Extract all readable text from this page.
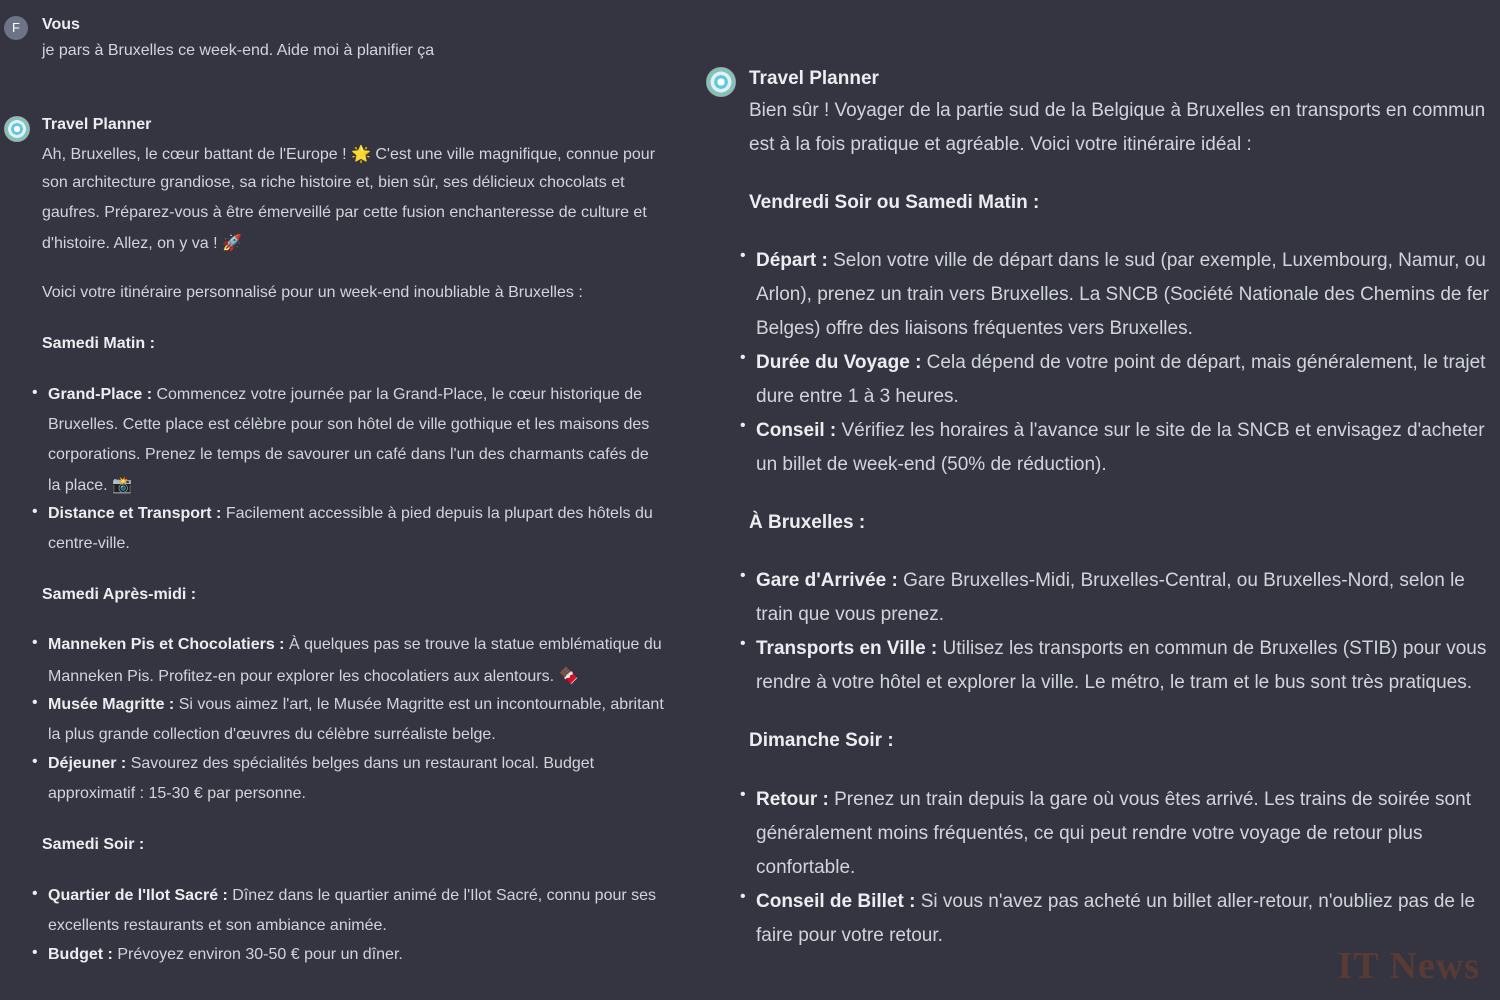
F	Vous
je pars à Bruxelles ce week-end. Aide moi à planifier ça
Travel Planner
Ah, Bruxelles, le cœur battant de l'Europe ! 🌟 C'est une ville magnifique, connue pour
son architecture grandiose, sa riche histoire et, bien sûr, ses délicieux chocolats et
gaufres. Préparez-vous à être émerveillé par cette fusion enchanteresse de culture et
d'histoire. Allez, on y va ! 🚀
Voici votre itinéraire personnalisé pour un week-end inoubliable à Bruxelles :
Samedi Matin :
• Grand-Place : Commencez votre journée par la Grand-Place, le cœur historique de
Bruxelles. Cette place est célèbre pour son hôtel de ville gothique et les maisons des
corporations. Prenez le temps de savourer un café dans l'un des charmants cafés de
la place. 📸
• Distance et Transport : Facilement accessible à pied depuis la plupart des hôtels du
centre-ville.
Samedi Après-midi :
• Manneken Pis et Chocolatiers : À quelques pas se trouve la statue emblématique du
Manneken Pis. Profitez-en pour explorer les chocolatiers aux alentours. 🍫
• Musée Magritte : Si vous aimez l'art, le Musée Magritte est un incontournable, abritant
la plus grande collection d'œuvres du célèbre surréaliste belge.
• Déjeuner : Savourez des spécialités belges dans un restaurant local. Budget
approximatif : 15-30 € par personne.
Samedi Soir :
• Quartier de l'Ilot Sacré : Dînez dans le quartier animé de l'Ilot Sacré, connu pour ses
excellents restaurants et son ambiance animée.
• Budget : Prévoyez environ 30-50 € pour un dîner.
Travel Planner
Bien sûr ! Voyager de la partie sud de la Belgique à Bruxelles en transports en commun
est à la fois pratique et agréable. Voici votre itinéraire idéal :
Vendredi Soir ou Samedi Matin :
• Départ : Selon votre ville de départ dans le sud (par exemple, Luxembourg, Namur, ou
Arlon), prenez un train vers Bruxelles. La SNCB (Société Nationale des Chemins de fer
Belges) offre des liaisons fréquentes vers Bruxelles.
• Durée du Voyage : Cela dépend de votre point de départ, mais généralement, le trajet
dure entre 1 à 3 heures.
• Conseil : Vérifiez les horaires à l'avance sur le site de la SNCB et envisagez d'acheter
un billet de week-end (50% de réduction).
À Bruxelles :
• Gare d'Arrivée : Gare Bruxelles-Midi, Bruxelles-Central, ou Bruxelles-Nord, selon le
train que vous prenez.
• Transports en Ville : Utilisez les transports en commun de Bruxelles (STIB) pour vous
rendre à votre hôtel et explorer la ville. Le métro, le tram et le bus sont très pratiques.
Dimanche Soir :
• Retour : Prenez un train depuis la gare où vous êtes arrivé. Les trains de soirée sont
généralement moins fréquentés, ce qui peut rendre votre voyage de retour plus
confortable.
• Conseil de Billet : Si vous n'avez pas acheté un billet aller-retour, n'oubliez pas de le
faire pour votre retour.
IT News
